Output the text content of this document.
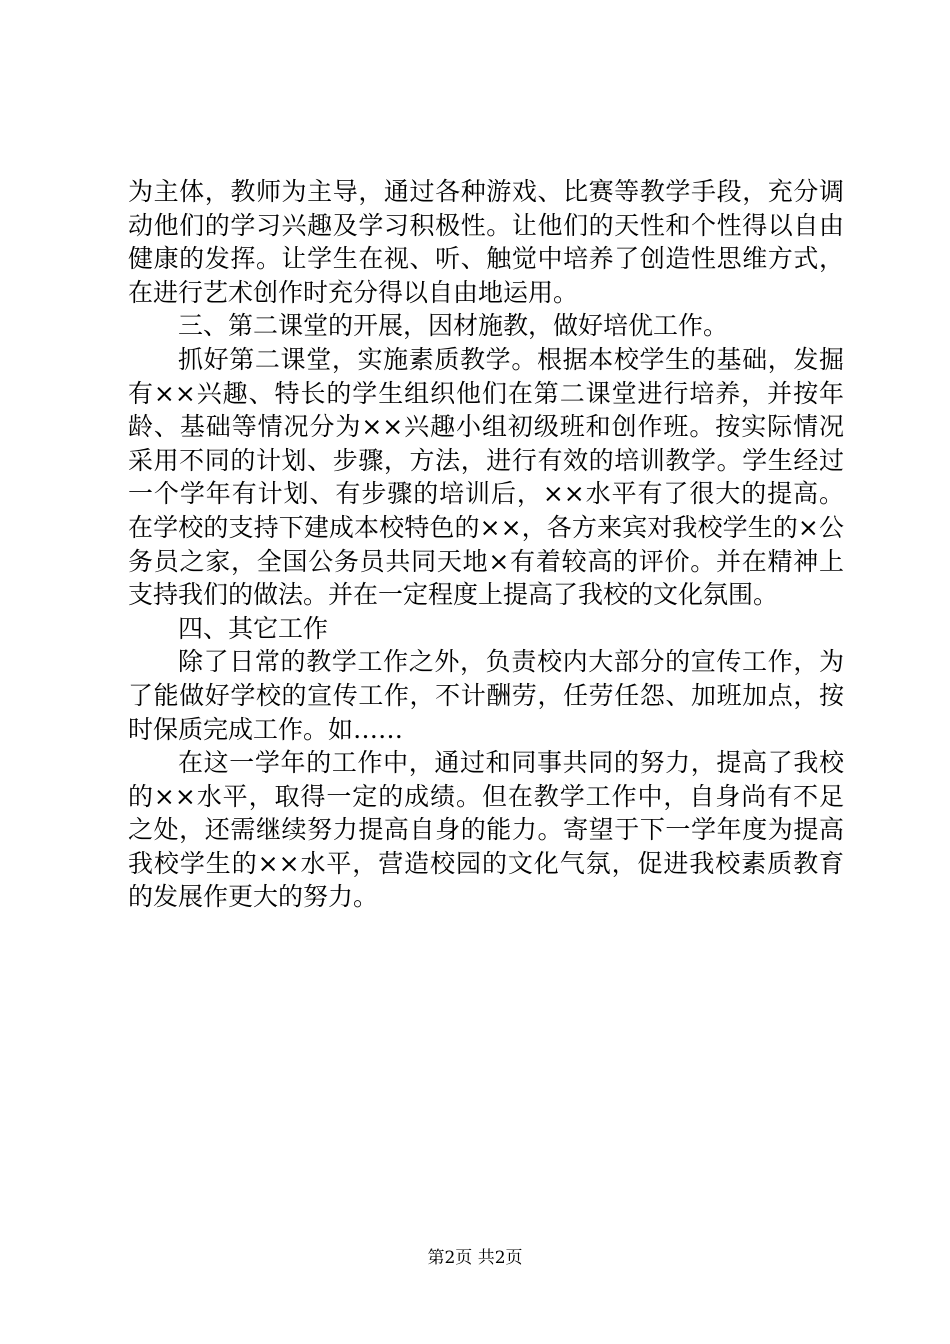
为主体，教师为主导，通过各种游戏、比赛等教学手段，充分调动他们的学习兴趣及学习积极性。让他们的天性和个性得以自由健康的发挥。让学生在视、听、触觉中培养了创造性思维方式，在进行艺术创作时充分得以自由地运用。

三、第二课堂的开展，因材施教，做好培优工作。

抓好第二课堂，实施素质教学。根据本校学生的基础，发掘有××兴趣、特长的学生组织他们在第二课堂进行培养，并按年龄、基础等情况分为××兴趣小组初级班和创作班。按实际情况采用不同的计划、步骤，方法，进行有效的培训教学。学生经过一个学年有计划、有步骤的培训后，××水平有了很大的提高。在学校的支持下建成本校特色的××，各方来宾对我校学生的×公务员之家，全国公务员共同天地×有着较高的评价。并在精神上支持我们的做法。并在一定程度上提高了我校的文化氛围。

四、其它工作

除了日常的教学工作之外，负责校内大部分的宣传工作，为了能做好学校的宣传工作，不计酬劳，任劳任怨、加班加点，按时保质完成工作。如……

在这一学年的工作中，通过和同事共同的努力，提高了我校的××水平，取得一定的成绩。但在教学工作中，自身尚有不足之处，还需继续努力提高自身的能力。寄望于下一学年度为提高我校学生的××水平，营造校园的文化气氛，促进我校素质教育的发展作更大的努力。

第2页 共2页
